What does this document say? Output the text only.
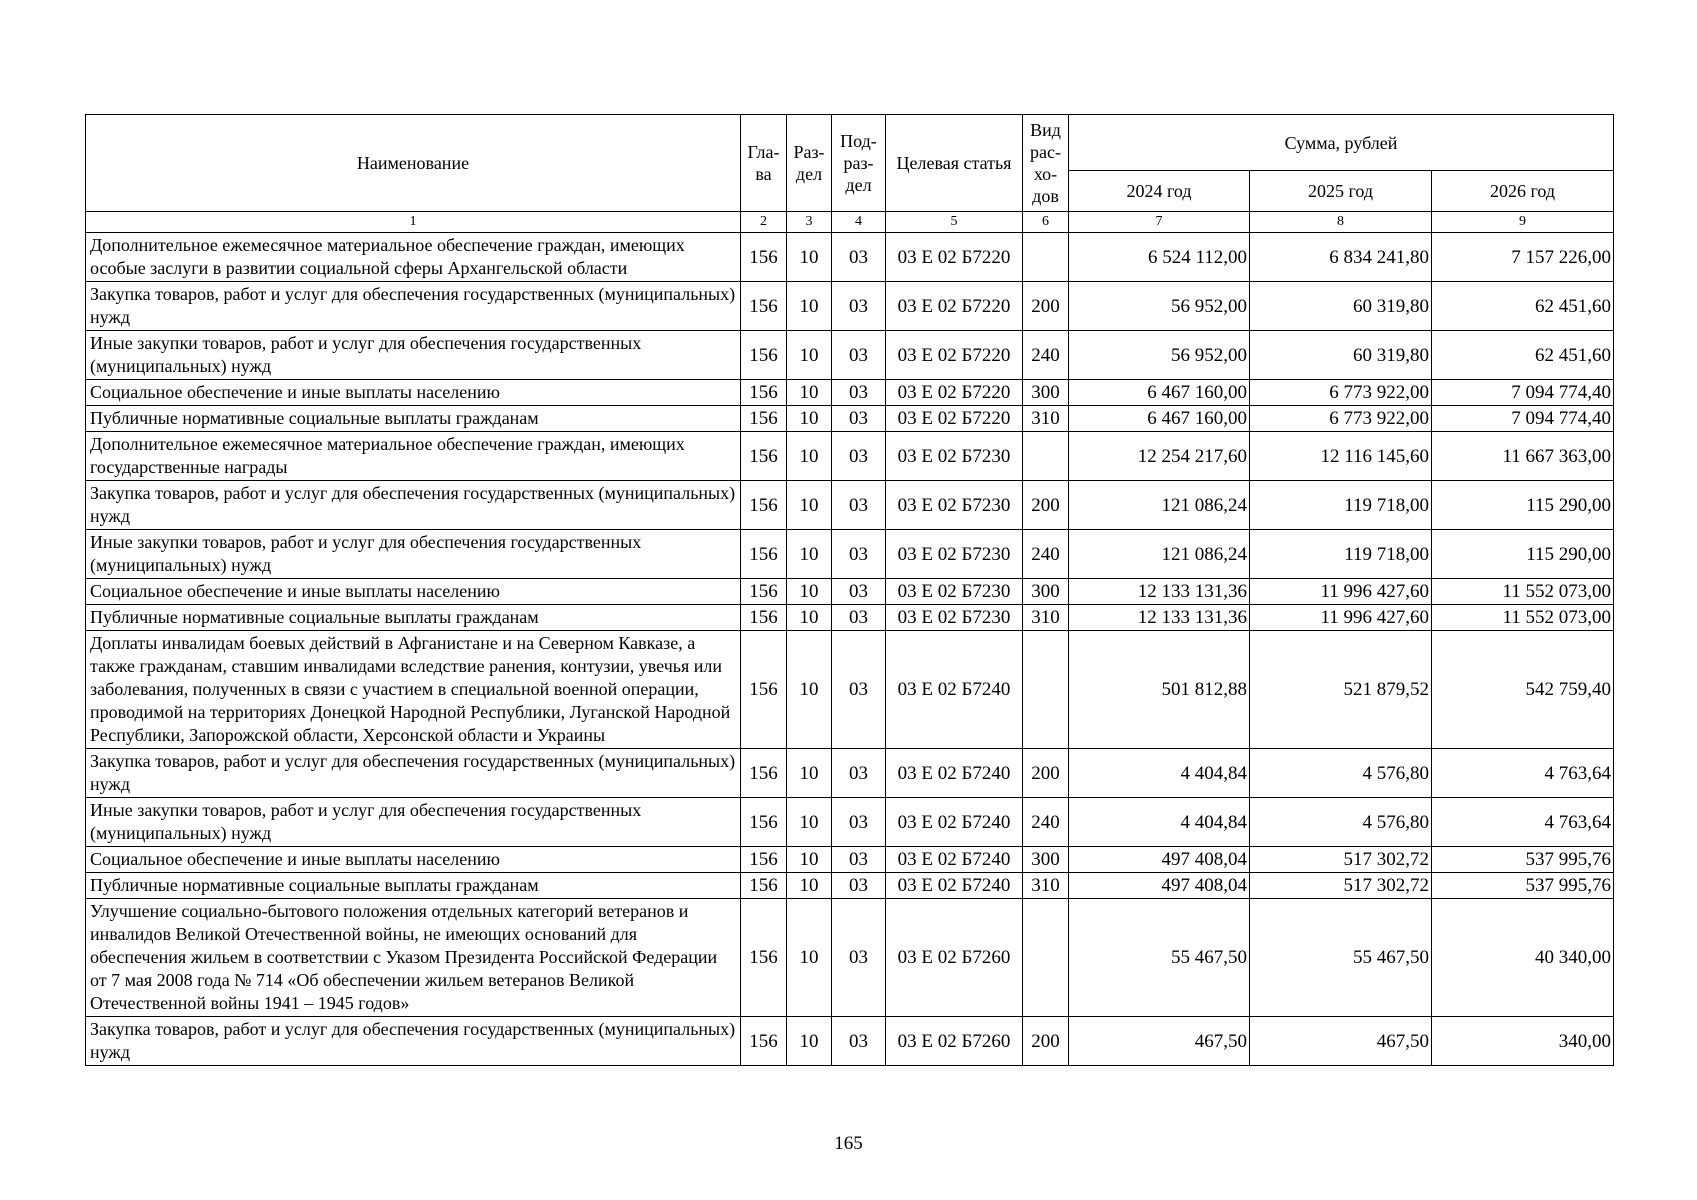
Наименование	Гла-ва	Раз-дел	Под-раз-дел	Целевая статья	Вид рас-хо-дов	Сумма, рублей		
						2024 год	2025 год	2026 год
1	2	3	4	5	6	7	8	9
Дополнительное ежемесячное материальное обеспечение граждан, имеющих особые заслуги в развитии социальной сферы Архангельской области	156	10	03	03 Е 02 Б7220		6 524 112,00	6 834 241,80	7 157 226,00
Закупка товаров, работ и услуг для обеспечения государственных (муниципальных) нужд	156	10	03	03 Е 02 Б7220	200	56 952,00	60 319,80	62 451,60
Иные закупки товаров, работ и услуг для обеспечения государственных (муниципальных) нужд	156	10	03	03 Е 02 Б7220	240	56 952,00	60 319,80	62 451,60
Социальное обеспечение и иные выплаты населению	156	10	03	03 Е 02 Б7220	300	6 467 160,00	6 773 922,00	7 094 774,40
Публичные нормативные социальные выплаты гражданам	156	10	03	03 Е 02 Б7220	310	6 467 160,00	6 773 922,00	7 094 774,40
Дополнительное ежемесячное материальное обеспечение граждан, имеющих государственные награды	156	10	03	03 Е 02 Б7230		12 254 217,60	12 116 145,60	11 667 363,00
Закупка товаров, работ и услуг для обеспечения государственных (муниципальных) нужд	156	10	03	03 Е 02 Б7230	200	121 086,24	119 718,00	115 290,00
Иные закупки товаров, работ и услуг для обеспечения государственных (муниципальных) нужд	156	10	03	03 Е 02 Б7230	240	121 086,24	119 718,00	115 290,00
Социальное обеспечение и иные выплаты населению	156	10	03	03 Е 02 Б7230	300	12 133 131,36	11 996 427,60	11 552 073,00
Публичные нормативные социальные выплаты гражданам	156	10	03	03 Е 02 Б7230	310	12 133 131,36	11 996 427,60	11 552 073,00
Доплаты инвалидам боевых действий в Афганистане и на Северном Кавказе, а также гражданам, ставшим инвалидами вследствие ранения, контузии, увечья или заболевания, полученных в связи с участием в специальной военной операции, проводимой на территориях Донецкой Народной Республики, Луганской Народной Республики, Запорожской области, Херсонской области и Украины	156	10	03	03 Е 02 Б7240		501 812,88	521 879,52	542 759,40
Закупка товаров, работ и услуг для обеспечения государственных (муниципальных) нужд	156	10	03	03 Е 02 Б7240	200	4 404,84	4 576,80	4 763,64
Иные закупки товаров, работ и услуг для обеспечения государственных (муниципальных) нужд	156	10	03	03 Е 02 Б7240	240	4 404,84	4 576,80	4 763,64
Социальное обеспечение и иные выплаты населению	156	10	03	03 Е 02 Б7240	300	497 408,04	517 302,72	537 995,76
Публичные нормативные социальные выплаты гражданам	156	10	03	03 Е 02 Б7240	310	497 408,04	517 302,72	537 995,76
Улучшение социально-бытового положения отдельных категорий ветеранов и инвалидов Великой Отечественной войны, не имеющих оснований для обеспечения жильем в соответствии с Указом Президента Российской Федерации от 7 мая 2008 года № 714 «Об обеспечении жильем ветеранов Великой Отечественной войны 1941 – 1945 годов»	156	10	03	03 Е 02 Б7260		55 467,50	55 467,50	40 340,00
Закупка товаров, работ и услуг для обеспечения государственных (муниципальных) нужд	156	10	03	03 Е 02 Б7260	200	467,50	467,50	340,00
165
